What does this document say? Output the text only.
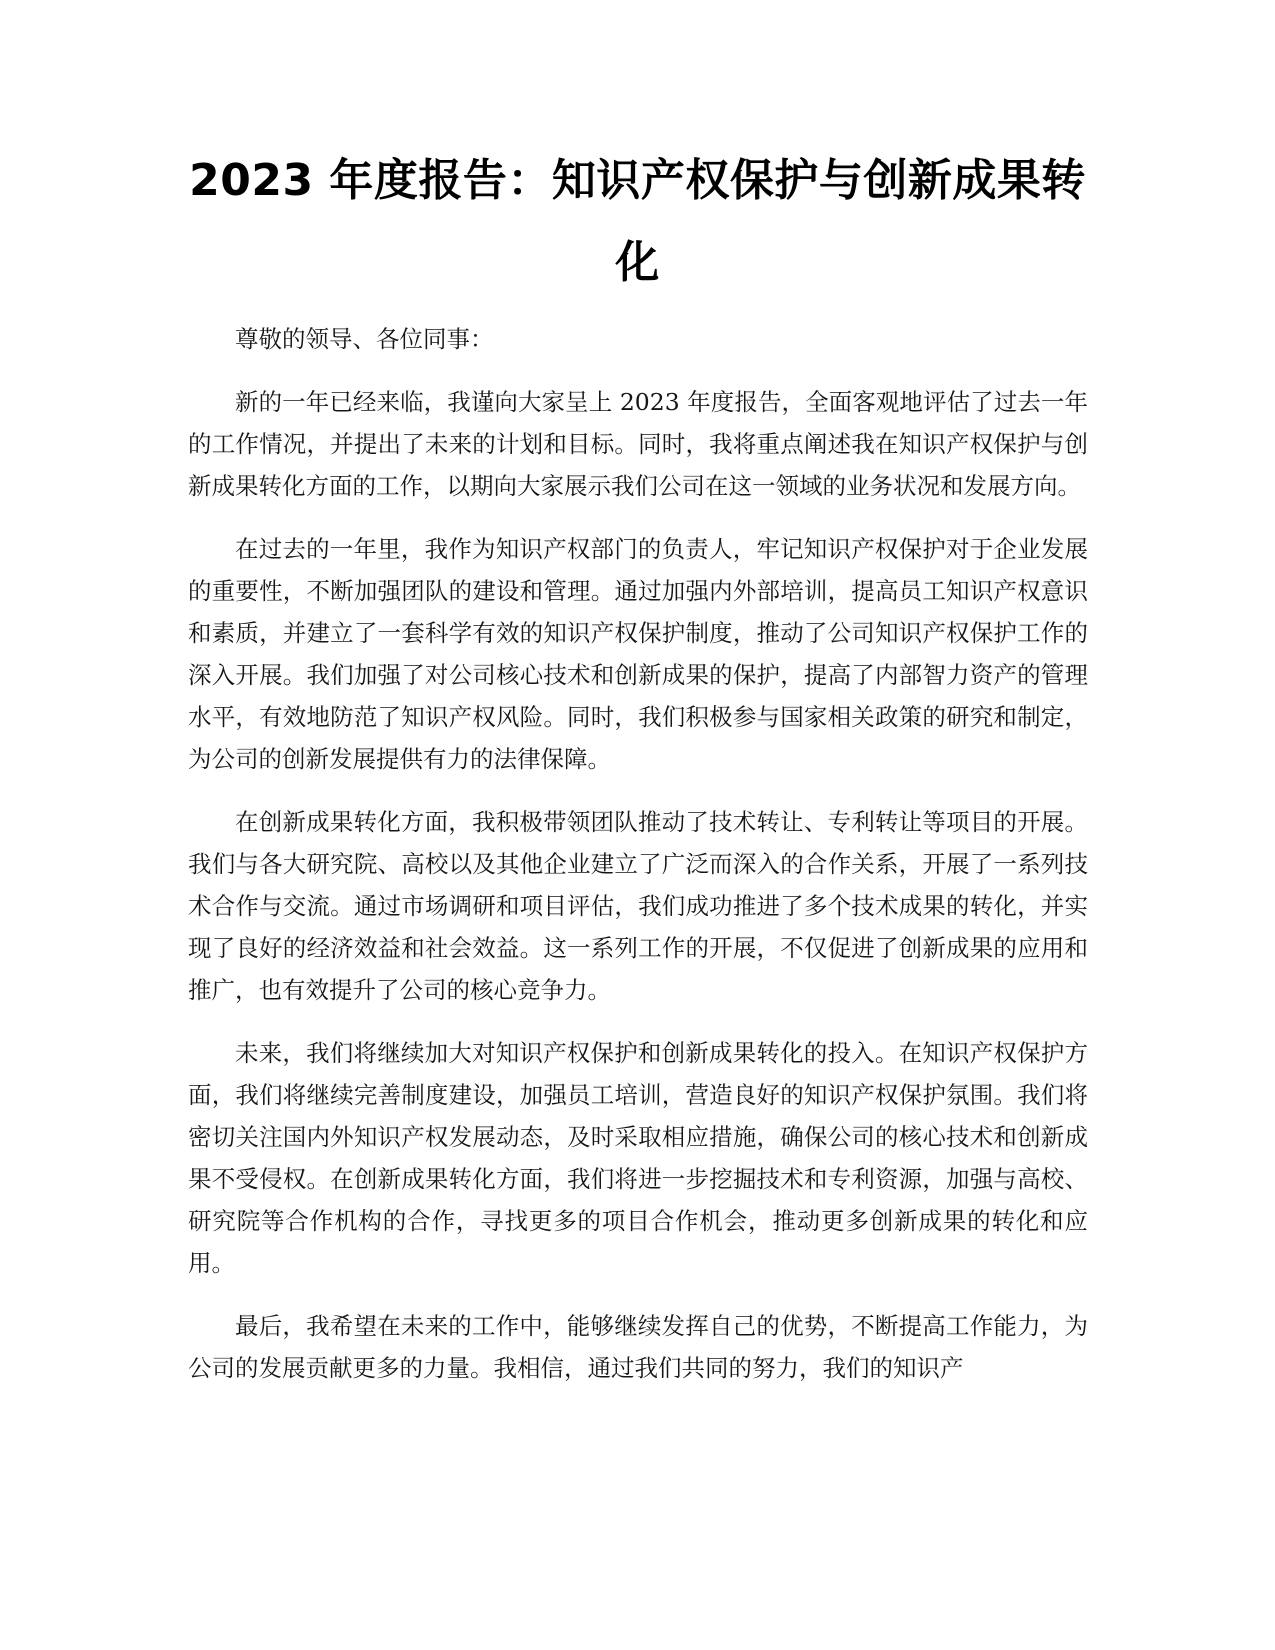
2023 年度报告：知识产权保护与创新成果转化

尊敬的领导、各位同事：

新的一年已经来临，我谨向大家呈上 2023 年度报告，全面客观地评估了过去一年的工作情况，并提出了未来的计划和目标。同时，我将重点阐述我在知识产权保护与创新成果转化方面的工作，以期向大家展示我们公司在这一领域的业务状况和发展方向。

在过去的一年里，我作为知识产权部门的负责人，牢记知识产权保护对于企业发展的重要性，不断加强团队的建设和管理。通过加强内外部培训，提高员工知识产权意识和素质，并建立了一套科学有效的知识产权保护制度，推动了公司知识产权保护工作的深入开展。我们加强了对公司核心技术和创新成果的保护，提高了内部智力资产的管理水平，有效地防范了知识产权风险。同时，我们积极参与国家相关政策的研究和制定，为公司的创新发展提供有力的法律保障。

在创新成果转化方面，我积极带领团队推动了技术转让、专利转让等项目的开展。我们与各大研究院、高校以及其他企业建立了广泛而深入的合作关系，开展了一系列技术合作与交流。通过市场调研和项目评估，我们成功推进了多个技术成果的转化，并实现了良好的经济效益和社会效益。这一系列工作的开展，不仅促进了创新成果的应用和推广，也有效提升了公司的核心竞争力。

未来，我们将继续加大对知识产权保护和创新成果转化的投入。在知识产权保护方面，我们将继续完善制度建设，加强员工培训，营造良好的知识产权保护氛围。我们将密切关注国内外知识产权发展动态，及时采取相应措施，确保公司的核心技术和创新成果不受侵权。在创新成果转化方面，我们将进一步挖掘技术和专利资源，加强与高校、研究院等合作机构的合作，寻找更多的项目合作机会，推动更多创新成果的转化和应用。

最后，我希望在未来的工作中，能够继续发挥自己的优势，不断提高工作能力，为公司的发展贡献更多的力量。我相信，通过我们共同的努力，我们的知识产
